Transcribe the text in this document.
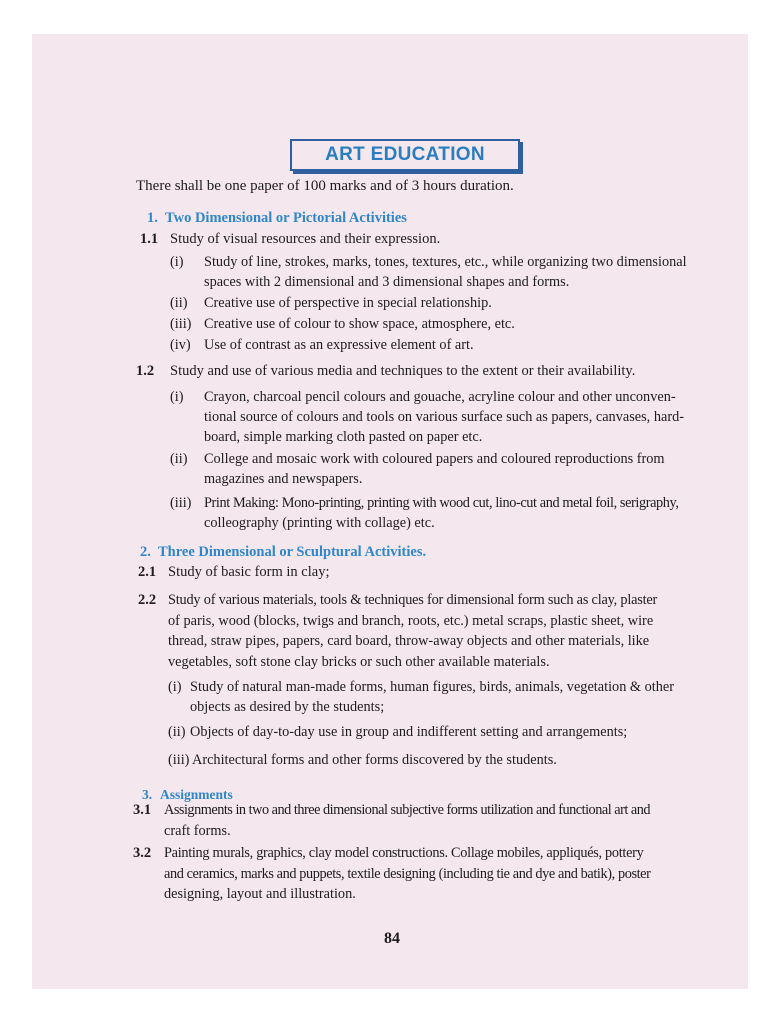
ART EDUCATION
There shall be one paper of 100 marks and of 3 hours duration.
1. Two Dimensional or Pictorial Activities
1.1 Study of visual resources and their expression.
(i) Study of line, strokes, marks, tones, textures, etc., while organizing two dimensional
spaces with 2 dimensional and 3 dimensional shapes and forms.
(ii) Creative use of perspective in special relationship.
(iii) Creative use of colour to show space, atmosphere, etc.
(iv) Use of contrast as an expressive element of art.
1.2 Study and use of various media and techniques to the extent or their availability.
(i) Crayon, charcoal pencil colours and gouache, acryline colour and other unconven-
tional source of colours and tools on various surface such as papers, canvases, hard-
board, simple marking cloth pasted on paper etc.
(ii) College and mosaic work with coloured papers and coloured reproductions from
magazines and newspapers.
(iii) Print Making: Mono-printing, printing with wood cut, lino-cut and metal foil, serigraphy,
colleography (printing with collage) etc.
2. Three Dimensional or Sculptural Activities.
2.1 Study of basic form in clay;
2.2 Study of various materials, tools & techniques for dimensional form such as clay, plaster
of paris, wood (blocks, twigs and branch, roots, etc.) metal scraps, plastic sheet, wire
thread, straw pipes, papers, card board, throw-away objects and other materials, like
vegetables, soft stone clay bricks or such other available materials.
(i) Study of natural man-made forms, human figures, birds, animals, vegetation & other
objects as desired by the students;
(ii) Objects of day-to-day use in group and indifferent setting and arrangements;
(iii) Architectural forms and other forms discovered by the students.
3. Assignments
3.1 Assignments in two and three dimensional subjective forms utilization and functional art and
craft forms.
3.2 Painting murals, graphics, clay model constructions. Collage mobiles, appliqués, pottery
and ceramics, marks and puppets, textile designing (including tie and dye and batik), poster
designing, layout and illustration.
84
